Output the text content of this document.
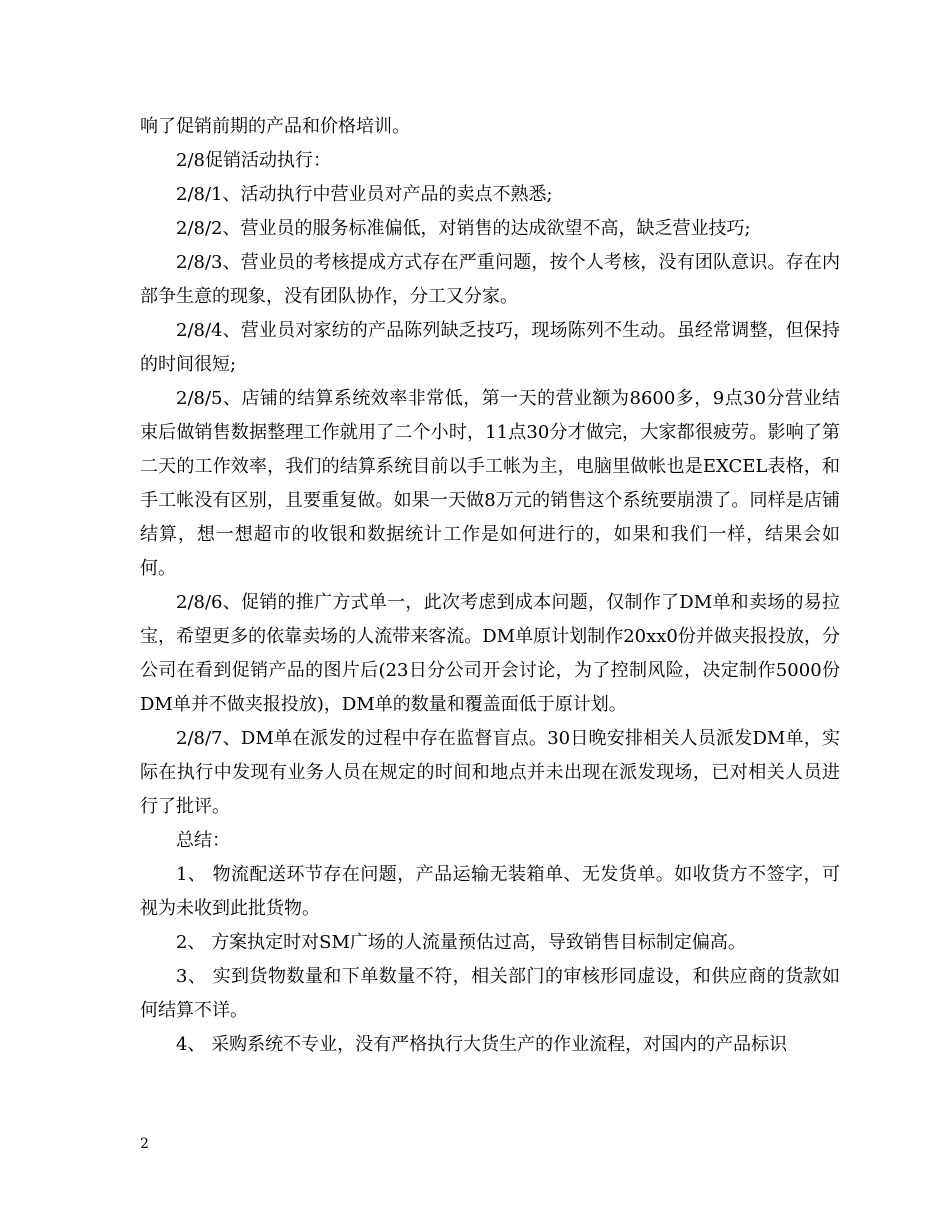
响了促销前期的产品和价格培训。

2/8促销活动执行：

2/8/1、活动执行中营业员对产品的卖点不熟悉;

2/8/2、营业员的服务标准偏低，对销售的达成欲望不高，缺乏营业技巧;

2/8/3、营业员的考核提成方式存在严重问题，按个人考核，没有团队意识。存在内部争生意的现象，没有团队协作，分工又分家。

2/8/4、营业员对家纺的产品陈列缺乏技巧，现场陈列不生动。虽经常调整，但保持的时间很短;

2/8/5、店铺的结算系统效率非常低，第一天的营业额为8600多，9点30分营业结束后做销售数据整理工作就用了二个小时，11点30分才做完，大家都很疲劳。影响了第二天的工作效率，我们的结算系统目前以手工帐为主，电脑里做帐也是EXCEL表格，和手工帐没有区别，且要重复做。如果一天做8万元的销售这个系统要崩溃了。同样是店铺结算，想一想超市的收银和数据统计工作是如何进行的，如果和我们一样，结果会如何。

2/8/6、促销的推广方式单一，此次考虑到成本问题，仅制作了DM单和卖场的易拉宝，希望更多的依靠卖场的人流带来客流。DM单原计划制作20xx0份并做夹报投放，分公司在看到促销产品的图片后(23日分公司开会讨论，为了控制风险，决定制作5000份DM单并不做夹报投放)，DM单的数量和覆盖面低于原计划。

2/8/7、DM单在派发的过程中存在监督盲点。30日晚安排相关人员派发DM单，实际在执行中发现有业务人员在规定的时间和地点并未出现在派发现场，已对相关人员进行了批评。

总结：

1、 物流配送环节存在问题，产品运输无装箱单、无发货单。如收货方不签字，可视为未收到此批货物。

2、 方案执定时对SM广场的人流量预估过高，导致销售目标制定偏高。

3、 实到货物数量和下单数量不符，相关部门的审核形同虚设，和供应商的货款如何结算不详。

4、 采购系统不专业，没有严格执行大货生产的作业流程，对国内的产品标识

2
